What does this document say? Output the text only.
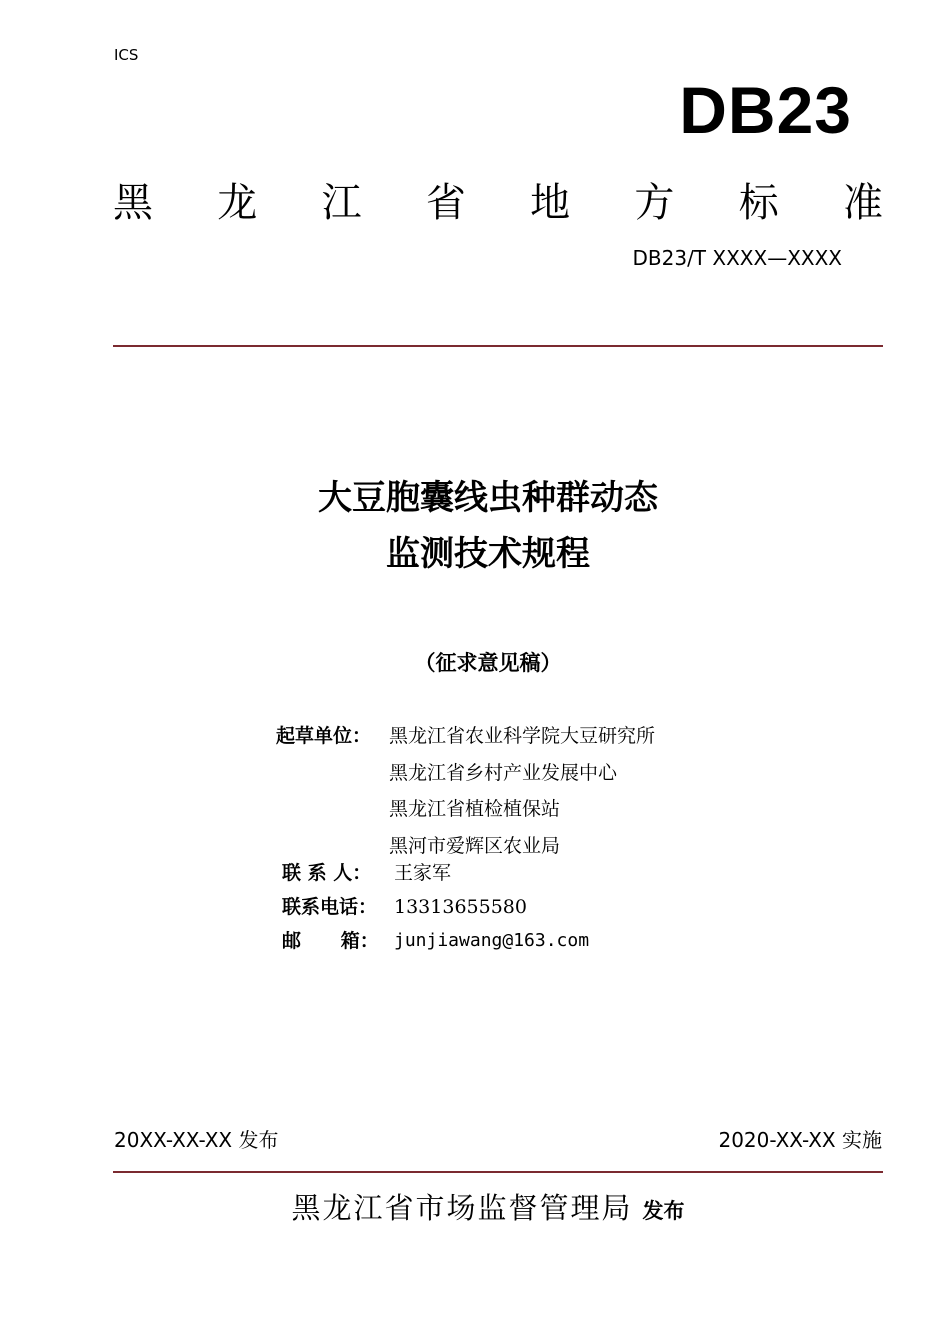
ICS
DB23
黑 龙 江 省 地 方 标 准
DB23/T XXXX—XXXX
大豆胞囊线虫种群动态
监测技术规程
（征求意见稿）
起草单位： 黑龙江省农业科学院大豆研究所
黑龙江省乡村产业发展中心
黑龙江省植检植保站
黑河市爱辉区农业局
联 系 人： 王家军
联系电话： 13313655580
邮      箱： junjiawang@163.com
20XX-XX-XX 发布	2020-XX-XX 实施
黑龙江省市场监督管理局 发布
